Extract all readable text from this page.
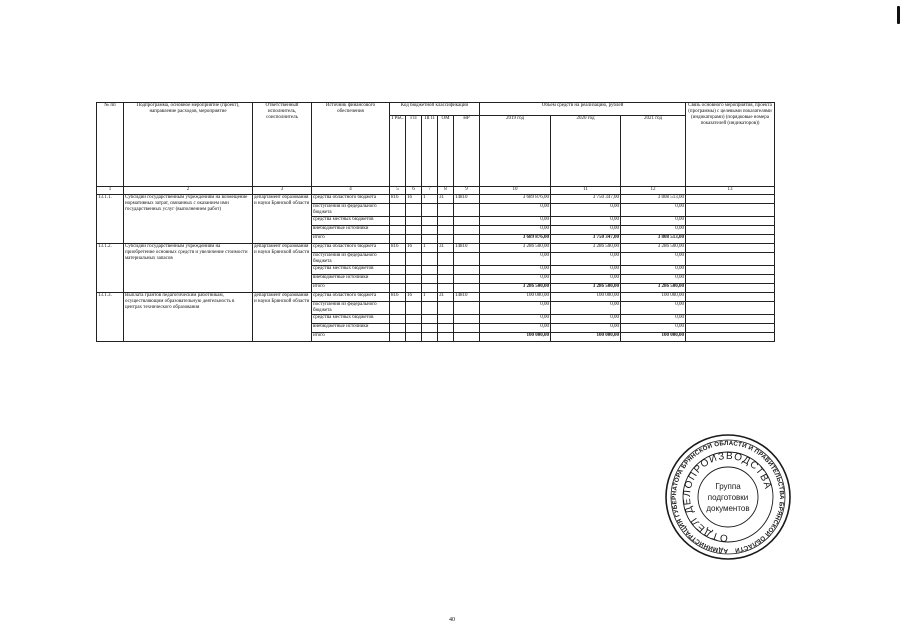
№ пп	Подпрограмма, основное мероприятие (проект), направление расходов, мероприятие	Ответственный исполнитель, соисполнитель	Источник финансового обеспечения	Код бюджетной классификации					Объём средств на реализацию, рублей			Связь основного мероприятия, проекта (программы) с целевыми показателями (индикаторами) (порядковые номера показателей (индикаторов))
				ГРБС	ГП	ПГП	ОМ	НР	2019 год	2020 год	2021 год	
1	2	3	4	5	6	7	8	9	10	11	12	13
13.1.1.	Субсидии государственным учреждениям на возмещение нормативных затрат, связанных с оказанием ими государственных услуг (выполнением работ)	департамент образования и науки Брянской области	средства областного бюджета	816	16	1	31	14810	3 689 876,00	3 750 347,00	3 808 513,00	
			поступления из федерального бюджета						0,00	0,00	0,00	
			средства местных бюджетов						0,00	0,00	0,00	
			внебюджетные источники						0,00	0,00	0,00	
			итого						3 689 876,00	3 750 347,00	3 808 513,00	
13.1.2.	Субсидии государственным учреждениям на приобретение основных средств и увеличение стоимости материальных запасов	департамент образования и науки Брянской области	средства областного бюджета	816	16	1	31	14810	3 286 500,00	3 286 500,00	3 286 500,00	
			поступления из федерального бюджета						0,00	0,00	0,00	
			средства местных бюджетов						0,00	0,00	0,00	
			внебюджетные источники						0,00	0,00	0,00	
			итого						3 286 500,00	3 286 500,00	3 286 500,00	
13.1.3.	Выплата грантов педагогическим работникам, осуществляющим образовательную деятельность в центрах технического образования	департамент образования и науки Брянской области	средства областного бюджета	816	16	1	31	14810	100 000,00	100 000,00	100 000,00	
			поступления из федерального бюджета						0,00	0,00	0,00	
			средства местных бюджетов						0,00	0,00	0,00	
			внебюджетные источники						0,00	0,00	0,00	
			итого						100 000,00	100 000,00	100 000,00	
АДМИНИСТРАЦИЯ ГУБЕРНАТОРА БРЯНСКОЙ ОБЛАСТИ И ПРАВИТЕЛЬСТВА БРЯНСКОЙ ОБЛАСТИ
ОТДЕЛ ДЕЛОПРОИЗВОДСТВА
Группа
подготовки
документов
40
